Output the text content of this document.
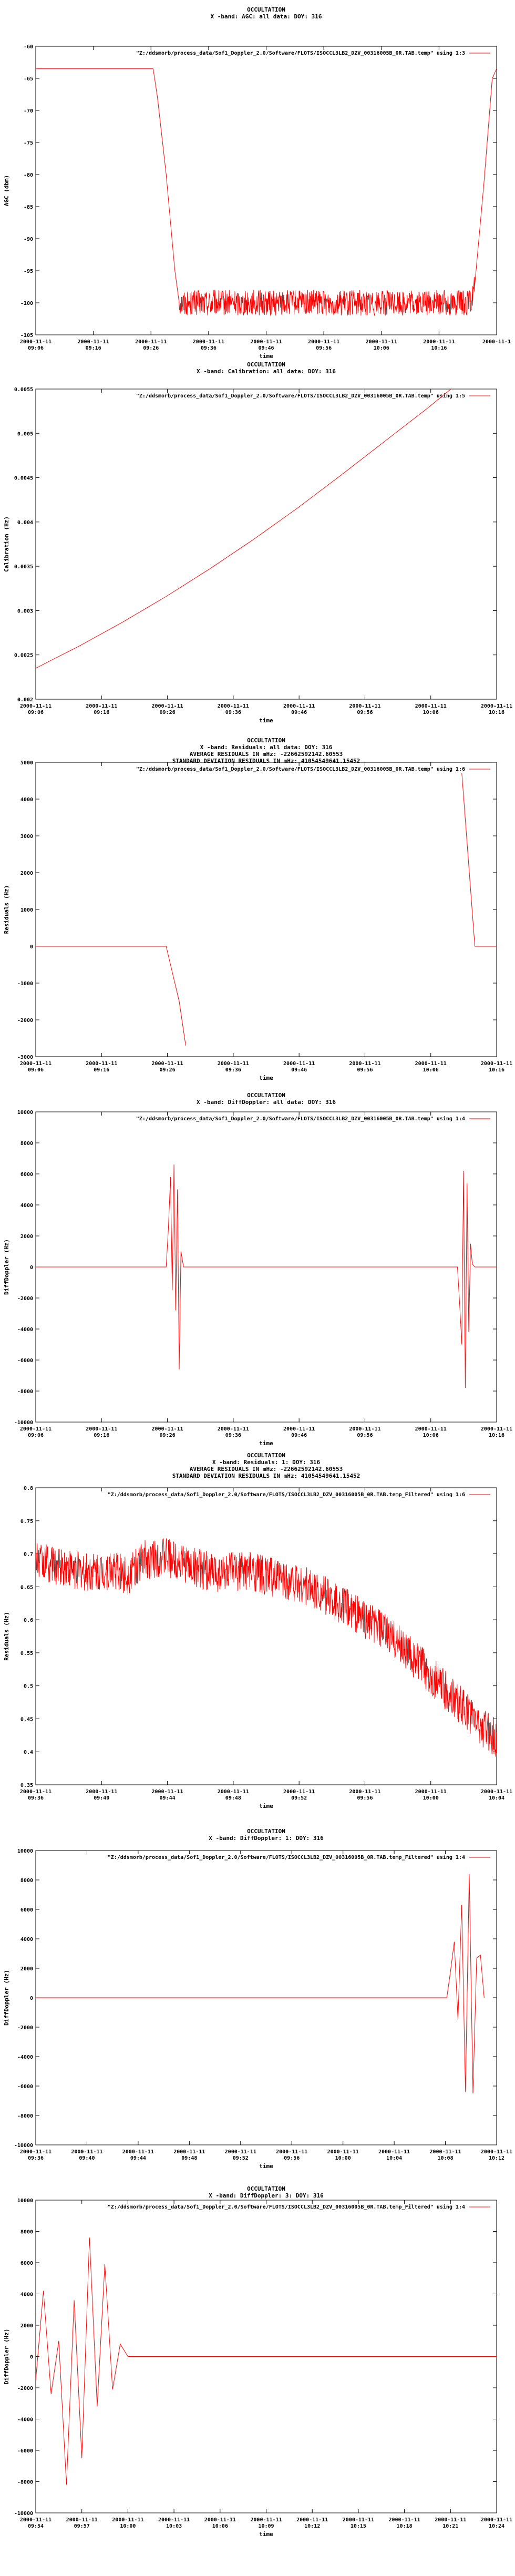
OCCULTATION
X -band: AGC: all data: DOY: 316
"Z:/ddsmorb/process_data/Sof1_Doppler_2.0/Software/FLOTS/ISOCCL3LB2_DZV_00316005B_0R.TAB.temp" using 1:3
-105
-100
-95
-90
-85
-80
-75
-70
-65
-60
2000-11-11
09:06
2000-11-11
09:16
2000-11-11
09:26
2000-11-11
09:36
2000-11-11
09:46
2000-11-11
09:56
2000-11-11
10:06
2000-11-11
10:16
2000-11-1
time
AGC (dbm)
OCCULTATION
X -band: Calibration: all data: DOY: 316
"Z:/ddsmorb/process_data/Sof1_Doppler_2.0/Software/FLOTS/ISOCCL3LB2_DZV_00316005B_0R.TAB.temp" using 1:5
0.002
0.0025
0.003
0.0035
0.004
0.0045
0.005
0.0055
2000-11-11
09:06
2000-11-11
09:16
2000-11-11
09:26
2000-11-11
09:36
2000-11-11
09:46
2000-11-11
09:56
2000-11-11
10:06
2000-11-11
10:16
time
Calibration (Hz)
OCCULTATION
X -band: Residuals: all data: DOY: 316
AVERAGE RESIDUALS IN mHz: -22662592142.60553
STANDARD DEVIATION RESIDUALS IN mHz: 41054549641.15452
"Z:/ddsmorb/process_data/Sof1_Doppler_2.0/Software/FLOTS/ISOCCL3LB2_DZV_00316005B_0R.TAB.temp" using 1:6
-3000
-2000
-1000
0
1000
2000
3000
4000
5000
2000-11-11
09:06
2000-11-11
09:16
2000-11-11
09:26
2000-11-11
09:36
2000-11-11
09:46
2000-11-11
09:56
2000-11-11
10:06
2000-11-11
10:16
time
Residuals (Hz)
OCCULTATION
X -band: DiffDoppler: all data: DOY: 316
"Z:/ddsmorb/process_data/Sof1_Doppler_2.0/Software/FLOTS/ISOCCL3LB2_DZV_00316005B_0R.TAB.temp" using 1:4
-10000
-8000
-6000
-4000
-2000
0
2000
4000
6000
8000
10000
2000-11-11
09:06
2000-11-11
09:16
2000-11-11
09:26
2000-11-11
09:36
2000-11-11
09:46
2000-11-11
09:56
2000-11-11
10:06
2000-11-11
10:16
time
DiffDoppler (Hz)
OCCULTATION
X -band: Residuals: 1: DOY: 316
AVERAGE RESIDUALS IN mHz: -22662592142.60553
STANDARD DEVIATION RESIDUALS IN mHz: 41054549641.15452
"Z:/ddsmorb/process_data/Sof1_Doppler_2.0/Software/FLOTS/ISOCCL3LB2_DZV_00316005B_0R.TAB.temp_Filtered" using 1:6
0.35
0.4
0.45
0.5
0.55
0.6
0.65
0.7
0.75
0.8
2000-11-11
09:36
2000-11-11
09:40
2000-11-11
09:44
2000-11-11
09:48
2000-11-11
09:52
2000-11-11
09:56
2000-11-11
10:00
2000-11-11
10:04
time
Residuals (Hz)
OCCULTATION
X -band: DiffDoppler: 1: DOY: 316
"Z:/ddsmorb/process_data/Sof1_Doppler_2.0/Software/FLOTS/ISOCCL3LB2_DZV_00316005B_0R.TAB.temp_Filtered" using 1:4
-10000
-8000
-6000
-4000
-2000
0
2000
4000
6000
8000
10000
2000-11-11
09:36
2000-11-11
09:40
2000-11-11
09:44
2000-11-11
09:48
2000-11-11
09:52
2000-11-11
09:56
2000-11-11
10:00
2000-11-11
10:04
2000-11-11
10:08
2000-11-11
10:12
time
DiffDoppler (Hz)
OCCULTATION
X -band: DiffDoppler: 3: DOY: 316
"Z:/ddsmorb/process_data/Sof1_Doppler_2.0/Software/FLOTS/ISOCCL3LB2_DZV_00316005B_0R.TAB.temp_Filtered" using 1:4
-10000
-8000
-6000
-4000
-2000
0
2000
4000
6000
8000
10000
2000-11-11
09:54
2000-11-11
09:57
2000-11-11
10:00
2000-11-11
10:03
2000-11-11
10:06
2000-11-11
10:09
2000-11-11
10:12
2000-11-11
10:15
2000-11-11
10:18
2000-11-11
10:21
2000-11-11
10:24
time
DiffDoppler (Hz)
